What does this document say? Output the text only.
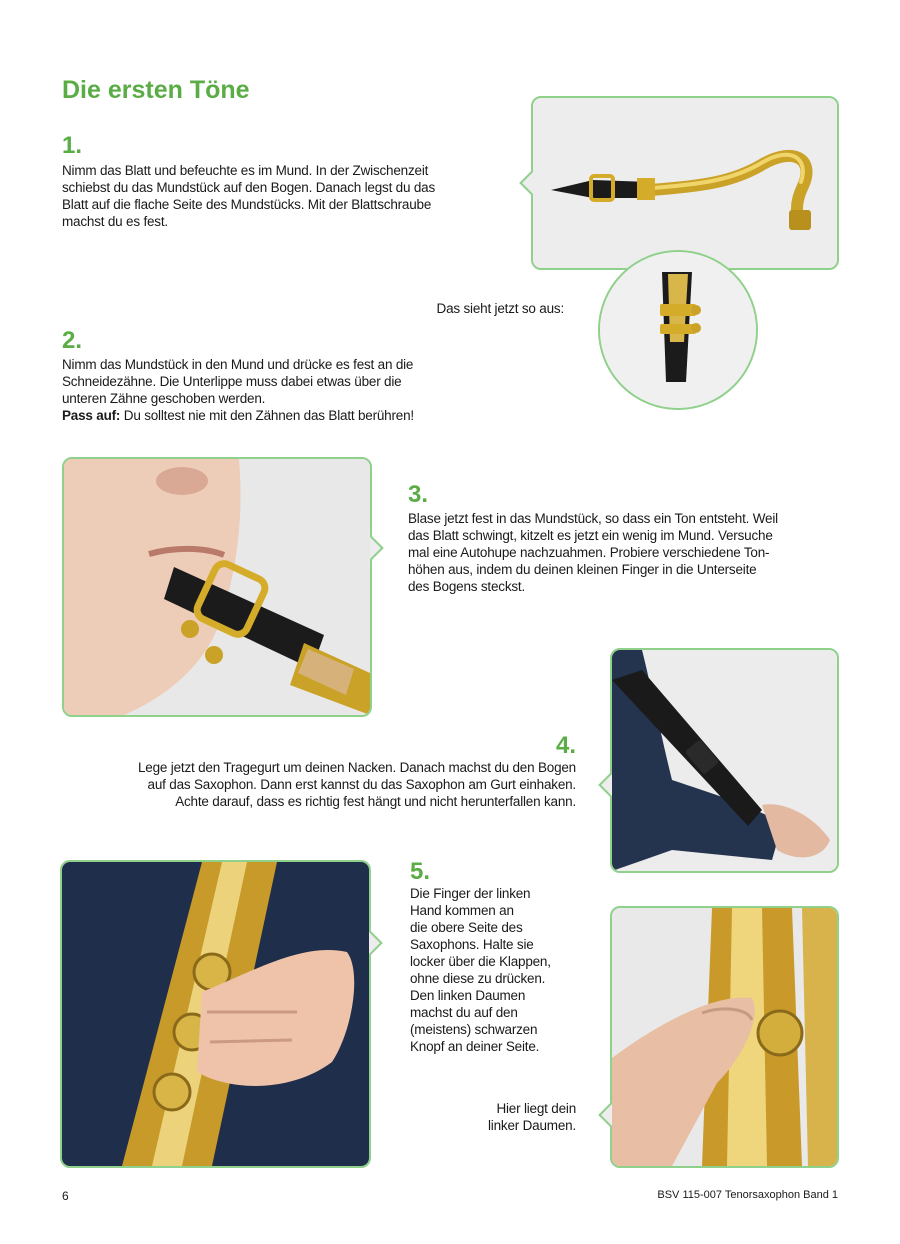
Die ersten Töne
1.
Nimm das Blatt und befeuchte es im Mund. In der Zwischenzeit
schiebst du das Mundstück auf den Bogen. Danach legst du das
Blatt auf die flache Seite des Mundstücks. Mit der Blattschraube
machst du es fest.
Das sieht jetzt so aus:
2.
Nimm das Mundstück in den Mund und drücke es fest an die
Schneidezähne. Die Unterlippe muss dabei etwas über die
unteren Zähne geschoben werden.
Pass auf: Du solltest nie mit den Zähnen das Blatt berühren!
3.
Blase jetzt fest in das Mundstück, so dass ein Ton entsteht. Weil
das Blatt schwingt, kitzelt es jetzt ein wenig im Mund. Versuche
mal eine Autohupe nachzuahmen. Probiere verschiedene Ton-
höhen aus, indem du deinen kleinen Finger in die Unterseite
des Bogens steckst.
4.
Lege jetzt den Tragegurt um deinen Nacken. Danach machst du den Bogen
auf das Saxophon. Dann erst kannst du das Saxophon am Gurt einhaken.
Achte darauf, dass es richtig fest hängt und nicht herunterfallen kann.
5.
Die Finger der linken
Hand kommen an
die obere Seite des
Saxophons. Halte sie
locker über die Klappen,
ohne diese zu drücken.
Den linken Daumen
machst du auf den
(meistens) schwarzen
Knopf an deiner Seite.
Hier liegt dein
linker Daumen.
6	BSV 115-007 Tenorsaxophon Band 1
